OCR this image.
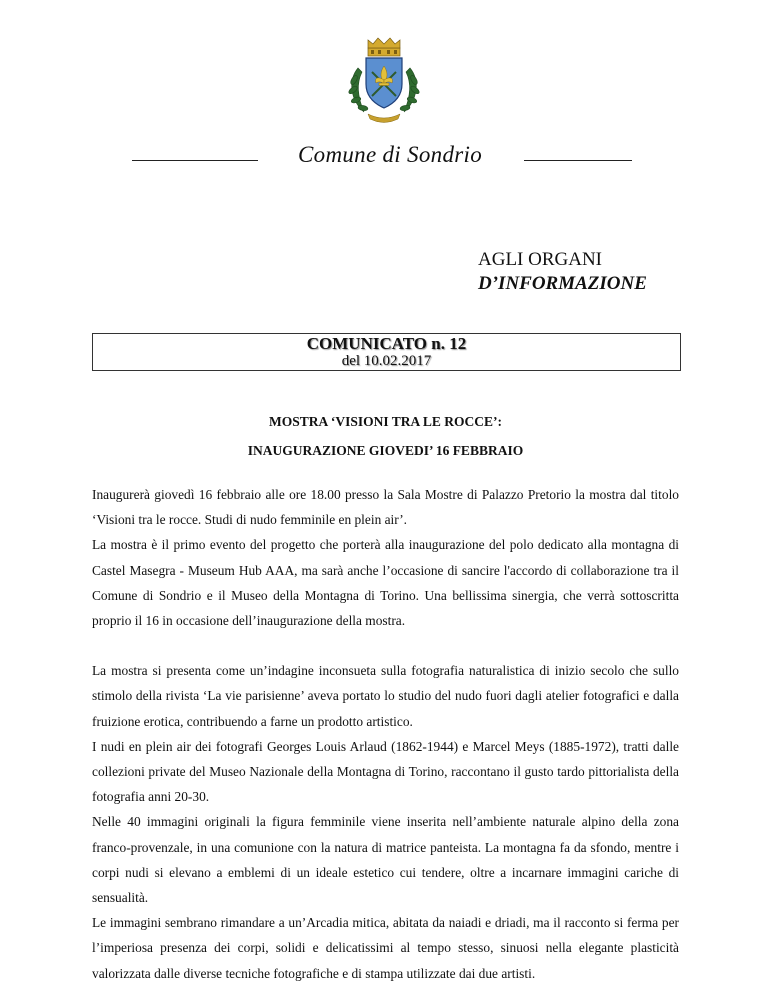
Comune di Sondrio
AGLI ORGANI
D’INFORMAZIONE
COMUNICATO n. 12
del 10.02.2017
MOSTRA ‘VISIONI TRA LE ROCCE’:
INAUGURAZIONE GIOVEDI’ 16 FEBBRAIO

Inaugurerà giovedì 16 febbraio alle ore 18.00 presso la Sala Mostre di Palazzo Pretorio la mostra dal titolo ‘Visioni tra le rocce. Studi di nudo femminile en plein air’.

La mostra è il primo evento del progetto che porterà alla inaugurazione del polo dedicato alla montagna di Castel Masegra - Museum Hub AAA, ma sarà anche l’occasione di sancire l'accordo di collaborazione tra il Comune di Sondrio e il Museo della Montagna di Torino. Una bellissima sinergia, che verrà sottoscritta proprio il 16 in occasione dell’inaugurazione della mostra.

La mostra si presenta come un’indagine inconsueta sulla fotografia naturalistica di inizio secolo che sullo stimolo della rivista ‘La vie parisienne’ aveva portato lo studio del nudo fuori dagli atelier fotografici e dalla fruizione erotica, contribuendo a farne un prodotto artistico.

I nudi en plein air dei fotografi Georges Louis Arlaud (1862-1944) e Marcel Meys (1885-1972), tratti dalle collezioni private del Museo Nazionale della Montagna di Torino, raccontano il gusto tardo pittorialista della fotografia anni 20-30.

Nelle 40 immagini originali la figura femminile viene inserita nell’ambiente naturale alpino della zona franco-provenzale, in una comunione con la natura di matrice panteista. La montagna fa da sfondo, mentre i corpi nudi si elevano a emblemi di un ideale estetico cui tendere, oltre a incarnare immagini cariche di sensualità.

Le immagini sembrano rimandare a un’Arcadia mitica, abitata da naiadi e driadi, ma il racconto si ferma per l’imperiosa presenza dei corpi, solidi e delicatissimi al tempo stesso, sinuosi nella elegante plasticità valorizzata dalle diverse tecniche fotografiche e di stampa utilizzate dai due artisti.
